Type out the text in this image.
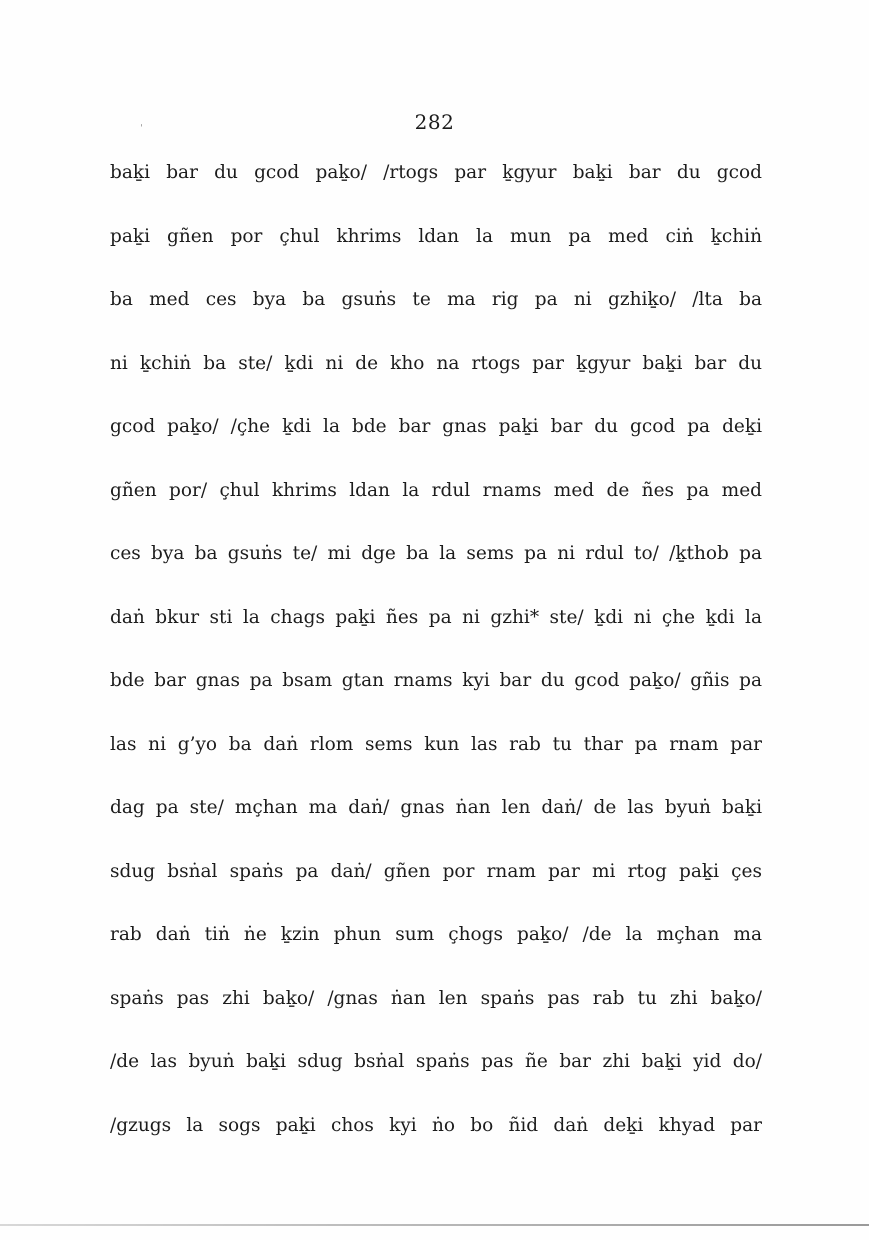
ˈ	282
baḵi bar du gcod paḵo/ /rtogs par ḵgyur baḵi bar du gcod
paḵi gñen por çhul khrims ldan la mun pa med ciṅ ḵchiṅ
ba med ces bya ba gsuṅs te ma rig pa ni gzhiḵo/ /lta ba
ni ḵchiṅ ba ste/ ḵdi ni de kho na rtogs par ḵgyur baḵi bar du
gcod paḵo/ /çhe ḵdi la bde bar gnas paḵi bar du gcod pa deḵi
gñen por/ çhul khrims ldan la rdul rnams med de ñes pa med
ces bya ba gsuṅs te/ mi dge ba la sems pa ni rdul to/ /ḵthob pa
daṅ bkur sti la chags paḵi ñes pa ni gzhi* ste/ ḵdi ni çhe ḵdi la
bde bar gnas pa bsam gtan rnams kyi bar du gcod paḵo/ gñis pa
las ni g’yo ba daṅ rlom sems kun las rab tu thar pa rnam par
dag pa ste/ mçhan ma daṅ/ gnas ṅan len daṅ/ de las byuṅ baḵi
sdug bsṅal spaṅs pa daṅ/ gñen por rnam par mi rtog paḵi çes
rab daṅ tiṅ ṅe ḵzin phun sum çhogs paḵo/ /de la mçhan ma
spaṅs pas zhi baḵo/ /gnas ṅan len spaṅs pas rab tu zhi baḵo/
/de las byuṅ baḵi sdug bsṅal spaṅs pas ñe bar zhi baḵi yid do/
/gzugs la sogs paḵi chos kyi ṅo bo ñid daṅ deḵi khyad par
